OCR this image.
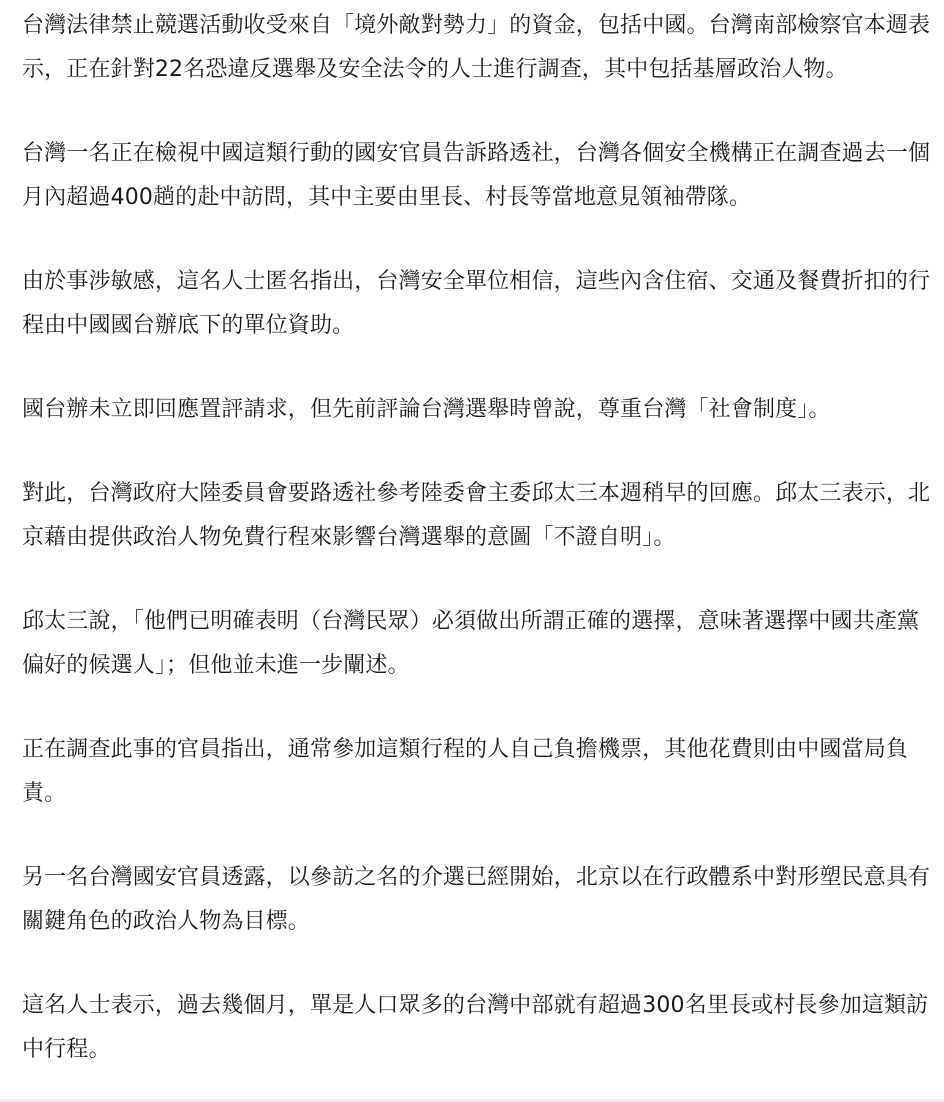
台灣法律禁止競選活動收受來自「境外敵對勢力」的資金，包括中國。台灣南部檢察官本週表示，正在針對22名恐違反選舉及安全法令的人士進行調查，其中包括基層政治人物。

台灣一名正在檢視中國這類行動的國安官員告訴路透社，台灣各個安全機構正在調查過去一個月內超過400趟的赴中訪問，其中主要由里長、村長等當地意見領袖帶隊。

由於事涉敏感，這名人士匿名指出，台灣安全單位相信，這些內含住宿、交通及餐費折扣的行程由中國國台辦底下的單位資助。

國台辦未立即回應置評請求，但先前評論台灣選舉時曾說，尊重台灣「社會制度」。

對此，台灣政府大陸委員會要路透社參考陸委會主委邱太三本週稍早的回應。邱太三表示，北京藉由提供政治人物免費行程來影響台灣選舉的意圖「不證自明」。

邱太三說，「他們已明確表明（台灣民眾）必須做出所謂正確的選擇，意味著選擇中國共產黨偏好的候選人」；但他並未進一步闡述。

正在調查此事的官員指出，通常參加這類行程的人自己負擔機票，其他花費則由中國當局負責。

另一名台灣國安官員透露，以參訪之名的介選已經開始，北京以在行政體系中對形塑民意具有關鍵角色的政治人物為目標。

這名人士表示，過去幾個月，單是人口眾多的台灣中部就有超過300名里長或村長參加這類訪中行程。
